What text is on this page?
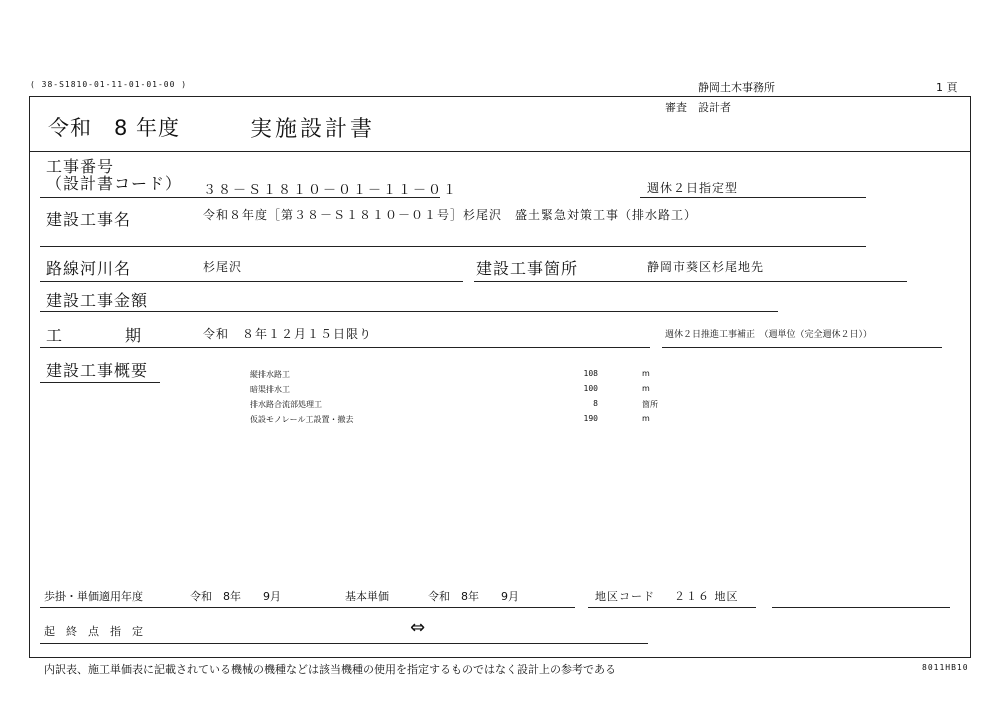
( 38-S1810-01-11-01-01-00 )	静岡土木事務所	1 頁
令和　8 年度	実施設計書
審査　設計者
工事番号
（設計書コード） ３８－Ｓ１８１０－０１－１１－０１	週休２日指定型
建設工事名	令和８年度［第３８－Ｓ１８１０－０１号］杉尾沢　盛土緊急対策工事（排水路工）
路線河川名	杉尾沢	建設工事箇所	静岡市葵区杉尾地先
建設工事金額
工	期	令和　８年１２月１５日限り	週休２日推進工事補正　（週単位（完全週休２日））
建設工事概要	縦排水路工	108	m
暗渠排水工	100	m
排水路合流部処理工	8	箇所
仮設モノレール工設置・撤去	190	m
歩掛・単価適用年度	令和　8年　　9月	基本単価	令和　8年　　9月	地区コード ２１６ 地区
起　終　点　指　定	⇔
内訳表、施工単価表に記載されている機械の機種などは該当機種の使用を指定するものではなく設計上の参考である	8011HB10
